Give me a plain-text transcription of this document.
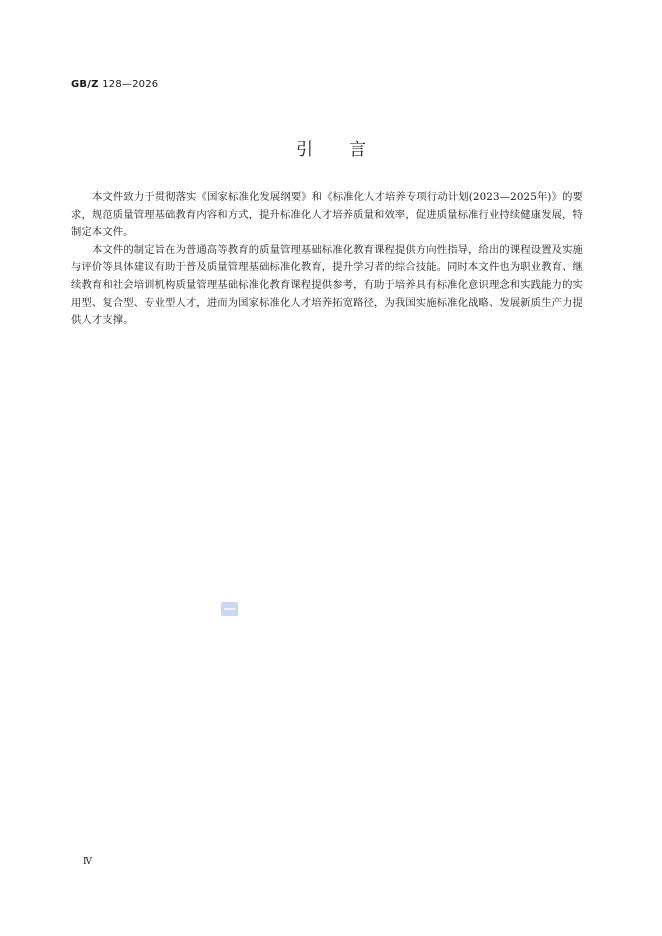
GB/Z 128—2026
引言

本文件致力于贯彻落实《国家标准化发展纲要》和《标准化人才培养专项行动计划(2023—2025年)》的要求，规范质量管理基础教育内容和方式，提升标准化人才培养质量和效率，促进质量标准行业持续健康发展，特制定本文件。

本文件的制定旨在为普通高等教育的质量管理基础标准化教育课程提供方向性指导，给出的课程设置及实施与评价等具体建议有助于普及质量管理基础标准化教育，提升学习者的综合技能。同时本文件也为职业教育、继续教育和社会培训机构质量管理基础标准化教育课程提供参考，有助于培养具有标准化意识理念和实践能力的实用型、复合型、专业型人才，进而为国家标准化人才培养拓宽路径，为我国实施标准化战略、发展新质生产力提供人才支撑。

Ⅳ
